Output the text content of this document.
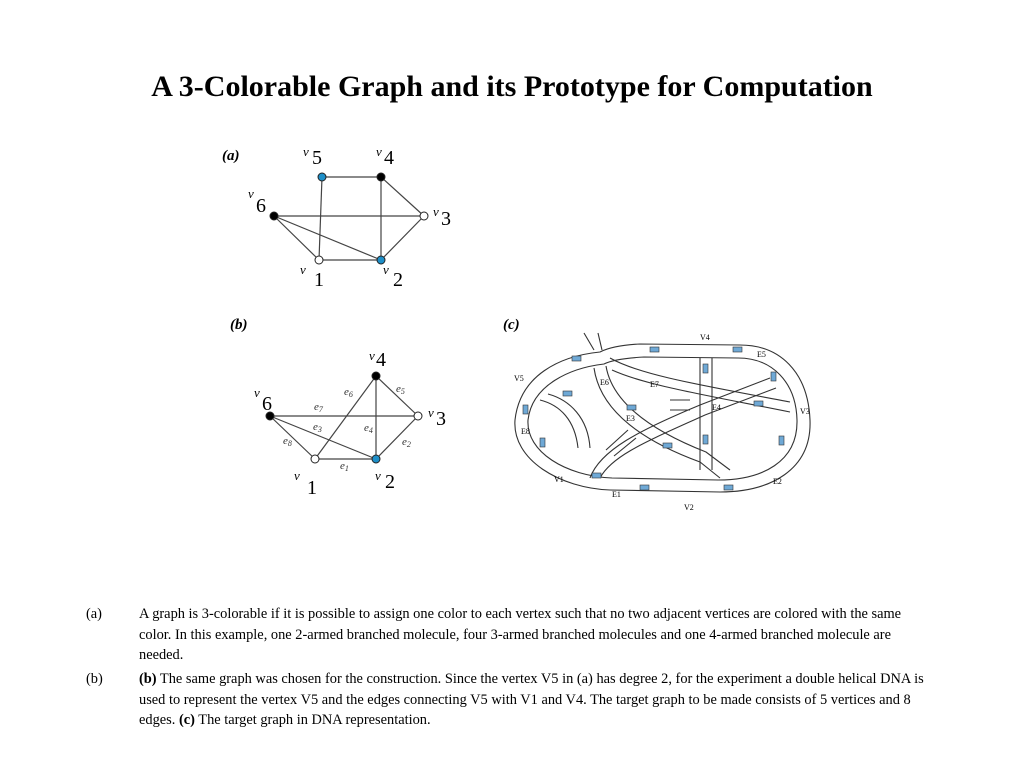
A 3-Colorable Graph and its Prototype for Computation
(a)	v 5	v 4
v
6	v 3
v 1	v 2
(b)
v 4
v
6	v 3
v
1
v 2
e1
e2
e3	e4
e5
e6
e7
e8
(c)
V4
E5
V5	E6	E7
E4	V3
E3
E8
V1	E2
E1
V2
(a)	A graph is 3-colorable if it is possible to assign one color to each vertex such that no two adjacent vertices are colored with the same color. In this example, one 2-armed branched molecule, four 3-armed branched molecules and one 4-armed branched molecule are needed.
(b)	(b) The same graph was chosen for the construction. Since the vertex V5 in (a) has degree 2, for the experiment a double helical DNA is used to represent the vertex V5 and the edges connecting V5 with V1 and V4. The target graph to be made consists of 5 vertices and 8 edges. (c) The target graph in DNA representation.
